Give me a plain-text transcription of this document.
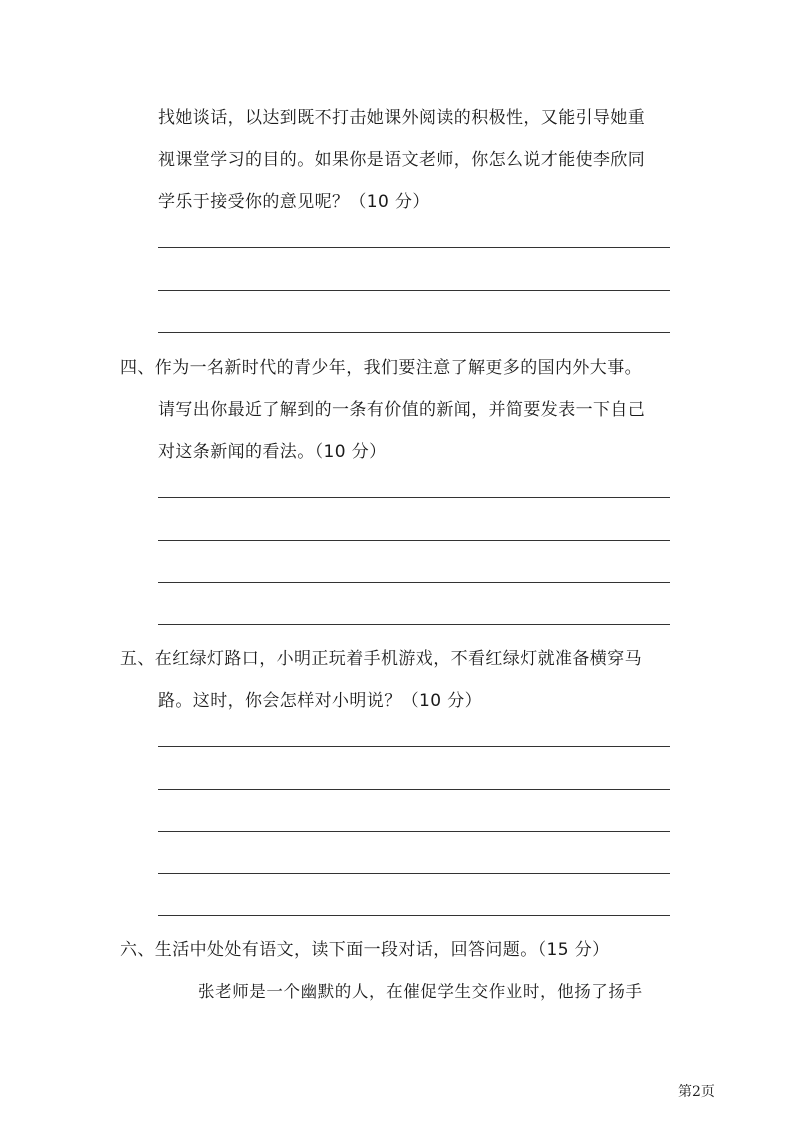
找她谈话，以达到既不打击她课外阅读的积极性，又能引导她重
视课堂学习的目的。如果你是语文老师，你怎么说才能使李欣同
学乐于接受你的意见呢？（10 分）
四、作为一名新时代的青少年，我们要注意了解更多的国内外大事。
请写出你最近了解到的一条有价值的新闻，并简要发表一下自己
对这条新闻的看法。（10 分）
五、在红绿灯路口，小明正玩着手机游戏，不看红绿灯就准备横穿马
路。这时，你会怎样对小明说？（10 分）
六、生活中处处有语文，读下面一段对话，回答问题。（15 分）
张老师是一个幽默的人，在催促学生交作业时，他扬了扬手
第2页
